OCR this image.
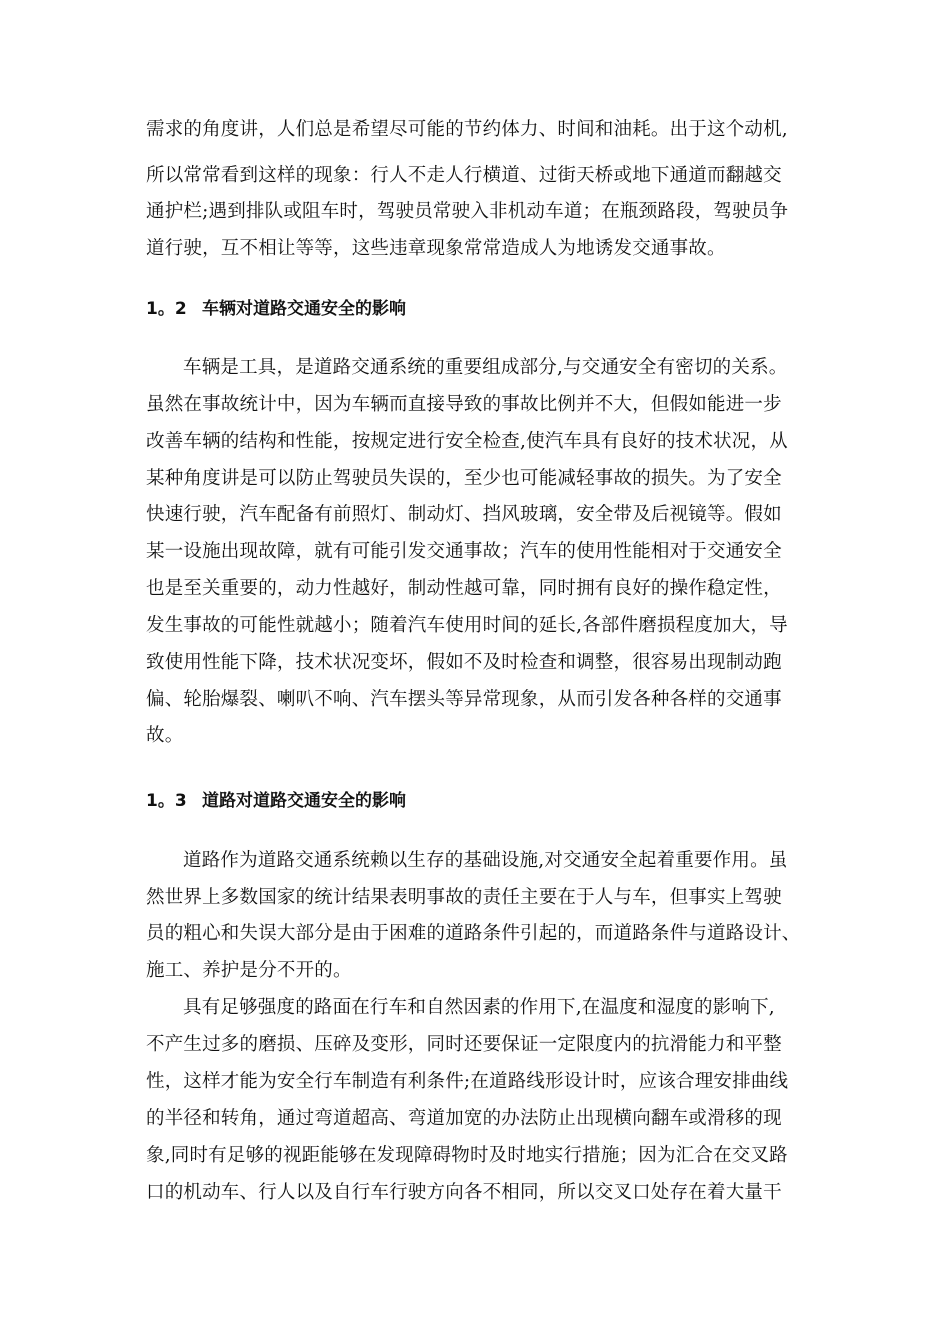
需求的角度讲，人们总是希望尽可能的节约体力、时间和油耗。出于这个动机,
所以常常看到这样的现象：行人不走人行横道、过街天桥或地下通道而翻越交
通护栏;遇到排队或阻车时，驾驶员常驶入非机动车道；在瓶颈路段，驾驶员争
道行驶，互不相让等等，这些违章现象常常造成人为地诱发交通事故。
1。2 车辆对道路交通安全的影响
车辆是工具，是道路交通系统的重要组成部分,与交通安全有密切的关系。
虽然在事故统计中，因为车辆而直接导致的事故比例并不大，但假如能进一步
改善车辆的结构和性能，按规定进行安全检查,使汽车具有良好的技术状况，从
某种角度讲是可以防止驾驶员失误的，至少也可能减轻事故的损失。为了安全
快速行驶，汽车配备有前照灯、制动灯、挡风玻璃，安全带及后视镜等。假如
某一设施出现故障，就有可能引发交通事故；汽车的使用性能相对于交通安全
也是至关重要的，动力性越好，制动性越可靠，同时拥有良好的操作稳定性，
发生事故的可能性就越小；随着汽车使用时间的延长,各部件磨损程度加大，导
致使用性能下降，技术状况变坏，假如不及时检查和调整，很容易出现制动跑
偏、轮胎爆裂、喇叭不响、汽车摆头等异常现象，从而引发各种各样的交通事
故。
1。3 道路对道路交通安全的影响
道路作为道路交通系统赖以生存的基础设施,对交通安全起着重要作用。虽
然世界上多数国家的统计结果表明事故的责任主要在于人与车，但事实上驾驶
员的粗心和失误大部分是由于困难的道路条件引起的，而道路条件与道路设计、
施工、养护是分不开的。
具有足够强度的路面在行车和自然因素的作用下,在温度和湿度的影响下,
不产生过多的磨损、压碎及变形，同时还要保证一定限度内的抗滑能力和平整
性，这样才能为安全行车制造有利条件;在道路线形设计时，应该合理安排曲线
的半径和转角，通过弯道超高、弯道加宽的办法防止出现横向翻车或滑移的现
象,同时有足够的视距能够在发现障碍物时及时地实行措施；因为汇合在交叉路
口的机动车、行人以及自行车行驶方向各不相同，所以交叉口处存在着大量干
